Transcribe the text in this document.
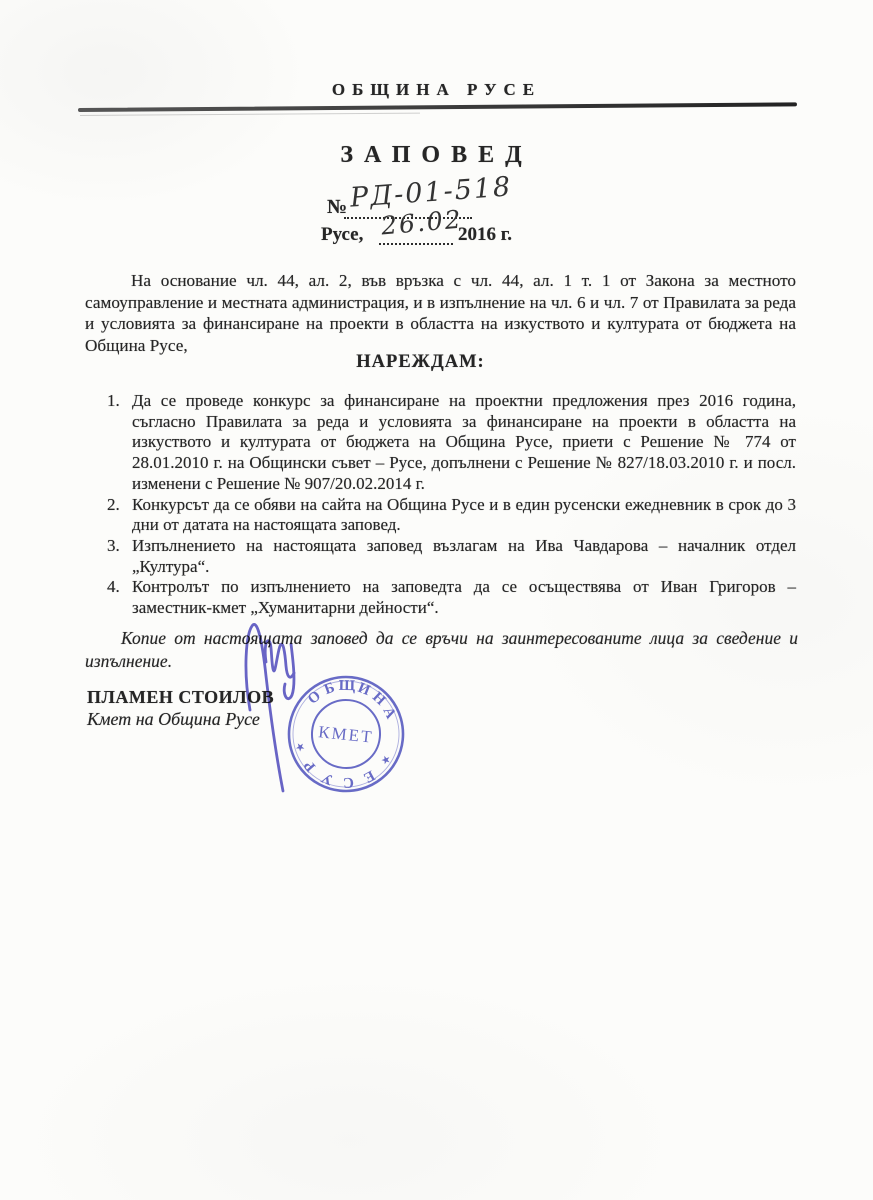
ОБЩИНА РУСЕ
ЗАПОВЕД
№ РД-01-518
Русе, 26.02
2016 г.
На основание чл. 44, ал. 2, във връзка с чл. 44, ал. 1 т. 1 от Закона за местното самоуправление и местната администрация, и в изпълнение на чл. 6 и чл. 7 от Правилата за реда и условията за финансиране на проекти в областта на изкуството и културата от бюджета на Община Русе,
НАРЕЖДАМ:
1. Да се проведе конкурс за финансиране на проектни предложения през 2016 година, съгласно Правилата за реда и условията за финансиране на проекти в областта на изкуството и културата от бюджета на Община Русе, приети с Решение № 774 от 28.01.2010 г. на Общински съвет – Русе, допълнени с Решение № 827/18.03.2010 г. и посл. изменени с Решение № 907/20.02.2014 г.
2. Конкурсът да се обяви на сайта на Община Русе и в един русенски ежедневник в срок до 3 дни от датата на настоящата заповед.
3. Изпълнението на настоящата заповед възлагам на Ива Чавдарова – началник отдел „Култура“.
4. Контролът по изпълнението на заповедта да се осъществява от Иван Григоров – заместник-кмет „Хуманитарни дейности“.
Копие от настоящата заповед да се връчи на заинтересованите лица за сведение и изпълнение.
ПЛАМЕН СТОИЛОВ
Кмет на Община Русе
О
Б Щ И
Н
А
Р
У С Е
КМЕТ
★
★
